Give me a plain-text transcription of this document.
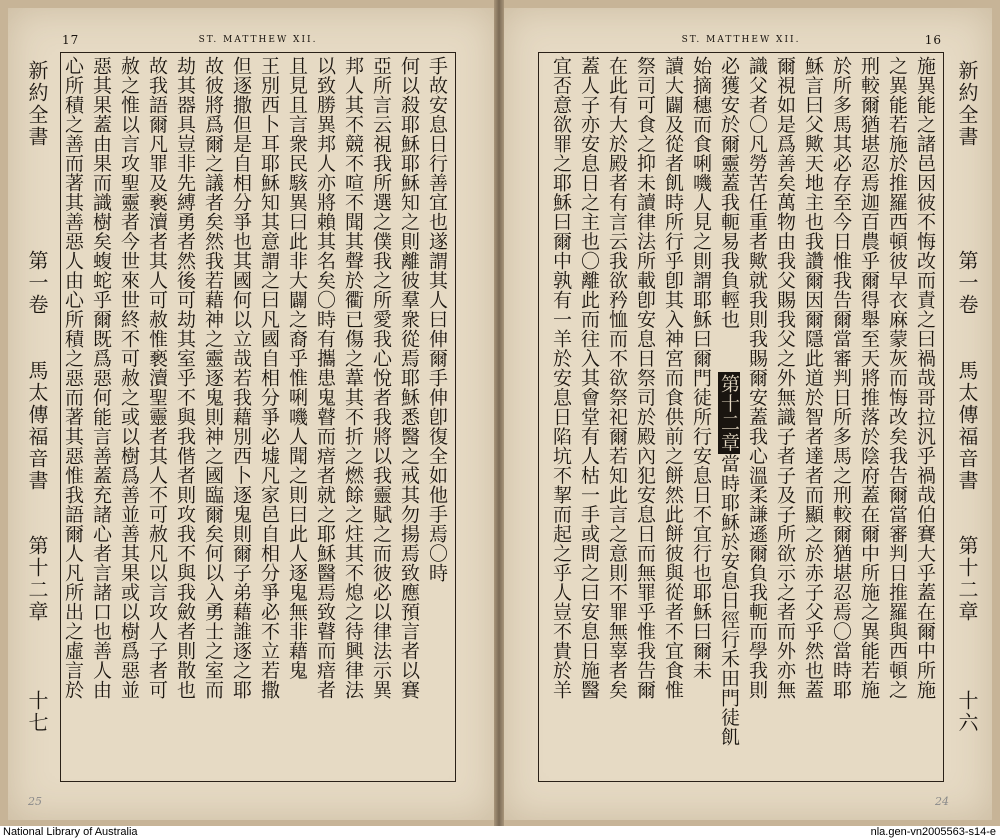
17	ST. MATTHEW XII.
手故安息日行善宜也遂謂其人曰伸爾手伸卽復全如他手焉〇時
何以殺耶穌耶穌知之則離彼羣衆從焉耶穌悉醫之戒其勿揚焉致應預言者以賽
亞所言云視我所選之僕我之所愛我心悅者我將以我靈賦之而彼必以律法示異
邦人其不競不喧不聞其聲於衢已傷之葦其不折之燃餘之炷其不熄之待興律法
以致勝異邦人亦將賴其名矣〇時有攜患鬼瞽而瘖者就之耶穌醫焉致瞽而瘖者
且見且言衆民駭異曰此非大闢之裔乎惟唎嘰人聞之則曰此人逐鬼無非藉鬼
王別西卜耳耶穌知其意謂之曰凡國自相分爭必墟凡家邑自相分爭必不立若撒
但逐撒但是自相分爭也其國何以立哉若我藉別西卜逐鬼則爾子弟藉誰逐之耶
故彼將爲爾之議者矣然我若藉神之靈逐鬼則神之國臨爾矣何以入勇士之室而
劫其器具豈非先縛勇者然後可劫其室乎不與我偕者則攻我不與我斂者則散也
故我語爾凡罪及褻瀆者其人可赦惟褻瀆聖靈者其人不可赦凡以言攻人子者可
赦之惟以言攻聖靈者今世來世終不可赦之或以樹爲善並善其果或以樹爲惡並
惡其果蓋由果而識樹矣蝮蛇乎爾既爲惡何能言善蓋充諸心者言諸口也善人由
心所積之善而著其善惡人由心所積之惡而著其惡惟我語爾人凡所出之虛言於
新約全書
第一卷
馬太傳福音書
第十二章
十七
25
ST. MATTHEW XII.	16
施異能之諸邑因彼不悔改而責之曰禍哉哥拉汎乎禍哉伯賽大乎蓋在爾中所施
之異能若施於推羅西頓彼早衣麻蒙灰而悔改矣我告爾當審判日推羅與西頓之
刑較爾猶堪忍焉迦百農乎爾得舉至天將推落於陰府蓋在爾中所施之異能若施
於所多馬其必存至今日惟我告爾當審判日所多馬之刑較爾猶堪忍焉〇當時耶
穌言曰父歟天地主也我讚爾因爾隱此道於智者達者而顯之於赤子父乎然也蓋
爾視如是爲善矣萬物由我父賜我父之外無識子者子及子所欲示之者而外亦無
識父者〇凡勞苦任重者歟就我則我賜爾安蓋我心溫柔謙遜爾負我軛而學我則
必獲安於爾靈蓋我軛易我負輕也
始摘穗而食唎嘰人見之則謂耶穌曰爾門徒所行安息日不宜行也耶穌曰爾未
讀大闢及從者飢時所行乎卽其入神宮而食供前之餅然此餅彼與從者不宜食惟
祭司可食之抑未讀律法所載卽安息日祭司於殿內犯安息日而無罪乎惟我告爾
在此有大於殿者有言云我欲矜恤而不欲祭祀爾若知此言之意則不罪無辜者矣
蓋人子亦安息日之主也〇離此而往入其會堂有人枯一手或問之曰安息日施醫
宜否意欲罪之耶穌曰爾中孰有一羊於安息日陷坑不挈而起之乎人豈不貴於羊	第十二章當時耶穌於安息日徑行禾田門徒飢
新約全書
第一卷
馬太傳福音書
第十二章
十六
24
National Library of Australia	nla.gen-vn2005563-s14-e
